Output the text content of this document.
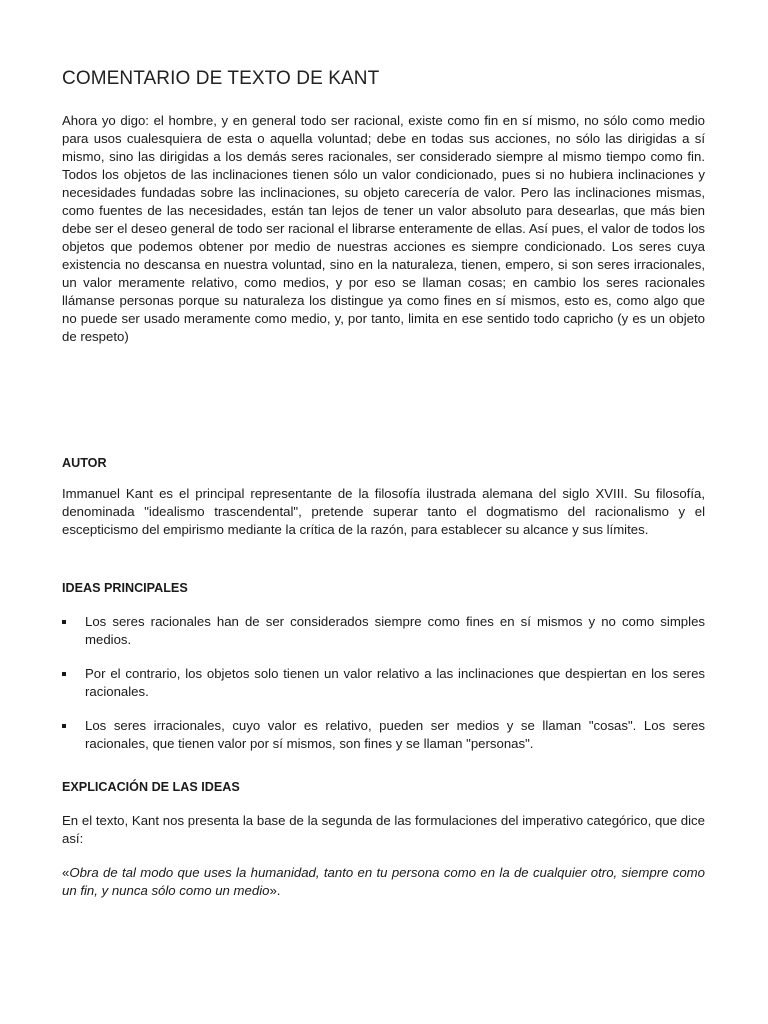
COMENTARIO DE TEXTO DE KANT

Ahora yo digo: el hombre, y en general todo ser racional, existe como fin en sí mismo, no sólo como medio para usos cualesquiera de esta o aquella voluntad; debe en todas sus acciones, no sólo las dirigidas a sí mismo, sino las dirigidas a los demás seres racionales, ser considerado siempre al mismo tiempo como fin. Todos los objetos de las inclinaciones tienen sólo un valor condicionado, pues si no hubiera inclinaciones y necesidades fundadas sobre las inclinaciones, su objeto carecería de valor. Pero las inclinaciones mismas, como fuentes de las necesidades, están tan lejos de tener un valor absoluto para desearlas, que más bien debe ser el deseo general de todo ser racional el librarse enteramente de ellas. Así pues, el valor de todos los objetos que podemos obtener por medio de nuestras acciones es siempre condicionado. Los seres cuya existencia no descansa en nuestra voluntad, sino en la naturaleza, tienen, empero, si son seres irracionales, un valor meramente relativo, como medios, y por eso se llaman cosas; en cambio los seres racionales llámanse personas porque su naturaleza los distingue ya como fines en sí mismos, esto es, como algo que no puede ser usado meramente como medio, y, por tanto, limita en ese sentido todo capricho (y es un objeto de respeto)

AUTOR

Immanuel Kant es el principal representante de la filosofía ilustrada alemana del siglo XVIII. Su filosofía, denominada "idealismo trascendental", pretende superar tanto el dogmatismo del racionalismo y el escepticismo del empirismo mediante la crítica de la razón, para establecer su alcance y sus límites.

IDEAS PRINCIPALES
Los seres racionales han de ser considerados siempre como fines en sí mismos y no como simples medios.
Por el contrario, los objetos solo tienen un valor relativo a las inclinaciones que despiertan en los seres racionales.
Los seres irracionales, cuyo valor es relativo, pueden ser medios y se llaman "cosas". Los seres racionales, que tienen valor por sí mismos, son fines y se llaman "personas".
EXPLICACIÓN DE LAS IDEAS

En el texto, Kant nos presenta la base de la segunda de las formulaciones del imperativo categórico, que dice así:

«Obra de tal modo que uses la humanidad, tanto en tu persona como en la de cualquier otro, siempre como un fin, y nunca sólo como un medio».
